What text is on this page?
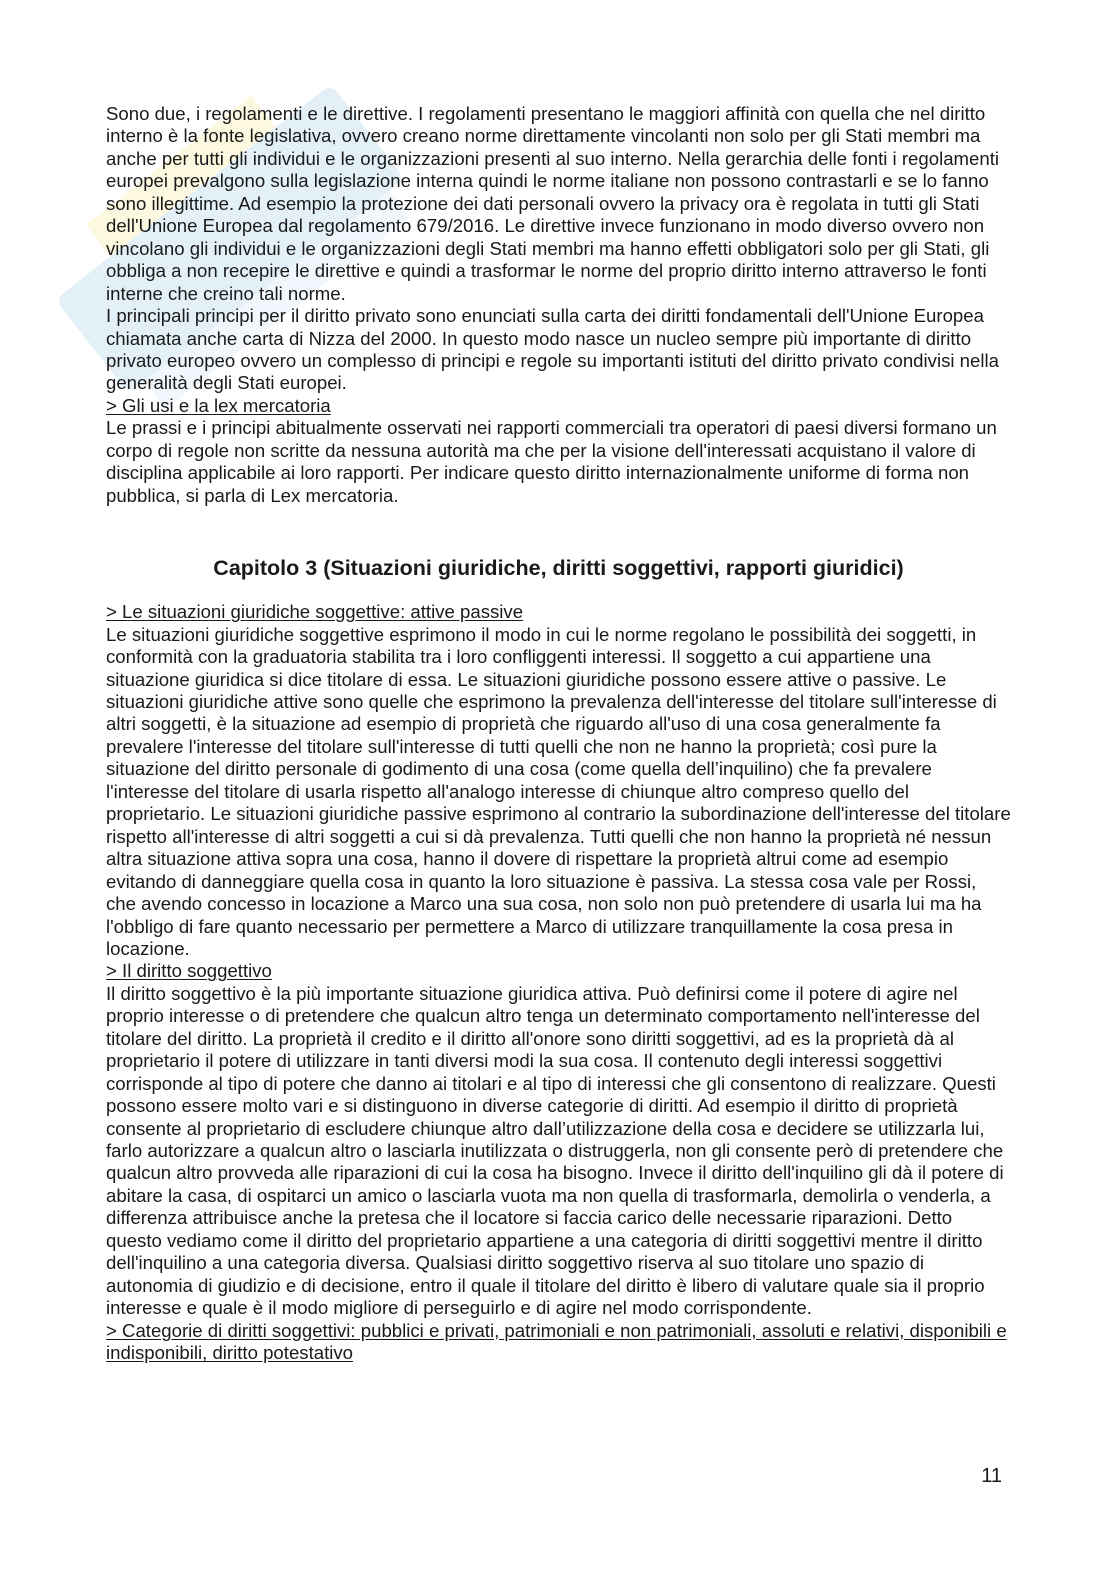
Sono due, i regolamenti e le direttive. I regolamenti presentano le maggiori affinità con quella che nel diritto interno è la fonte legislativa, ovvero creano norme direttamente vincolanti non solo per gli Stati membri ma anche per tutti gli individui e le organizzazioni presenti al suo interno. Nella gerarchia delle fonti i regolamenti europei prevalgono sulla legislazione interna quindi le norme italiane non possono contrastarli e se lo fanno sono illegittime. Ad esempio la protezione dei dati personali ovvero la privacy ora è regolata in tutti gli Stati dell'Unione Europea dal regolamento 679/2016. Le direttive invece funzionano in modo diverso ovvero non vincolano gli individui e le organizzazioni degli Stati membri ma hanno effetti obbligatori solo per gli Stati, gli obbliga a non recepire le direttive e quindi a trasformar le norme del proprio diritto interno attraverso le fonti interne che creino tali norme.

I principali principi per il diritto privato sono enunciati sulla carta dei diritti fondamentali dell'Unione Europea chiamata anche carta di Nizza del 2000. In questo modo nasce un nucleo sempre più importante di diritto privato europeo ovvero un complesso di principi e regole su importanti istituti del diritto privato condivisi nella generalità degli Stati europei.

> Gli usi e la lex mercatoria

Le prassi e i principi abitualmente osservati nei rapporti commerciali tra operatori di paesi diversi formano un corpo di regole non scritte da nessuna autorità ma che per la visione dell'interessati acquistano il valore di disciplina applicabile ai loro rapporti. Per indicare questo diritto internazionalmente uniforme di forma non pubblica, si parla di Lex mercatoria.

Capitolo 3 (Situazioni giuridiche, diritti soggettivi, rapporti giuridici)

> Le situazioni giuridiche soggettive: attive passive

Le situazioni giuridiche soggettive esprimono il modo in cui le norme regolano le possibilità dei soggetti, in conformità con la graduatoria stabilita tra i loro confliggenti interessi. Il soggetto a cui appartiene una situazione giuridica si dice titolare di essa. Le situazioni giuridiche possono essere attive o passive. Le situazioni giuridiche attive sono quelle che esprimono la prevalenza dell'interesse del titolare sull'interesse di altri soggetti, è la situazione ad esempio di proprietà che riguardo all'uso di una cosa generalmente fa prevalere l'interesse del titolare sull'interesse di tutti quelli che non ne hanno la proprietà; così pure la situazione del diritto personale di godimento di una cosa (come quella dell’inquilino) che fa prevalere l'interesse del titolare di usarla rispetto all'analogo interesse di chiunque altro compreso quello del proprietario. Le situazioni giuridiche passive esprimono al contrario la subordinazione dell'interesse del titolare rispetto all'interesse di altri soggetti a cui si dà prevalenza. Tutti quelli che non hanno la proprietà né nessun altra situazione attiva sopra una cosa, hanno il dovere di rispettare la proprietà altrui come ad esempio evitando di danneggiare quella cosa in quanto la loro situazione è passiva. La stessa cosa vale per Rossi, che avendo concesso in locazione a Marco una sua cosa, non solo non può pretendere di usarla lui ma ha l'obbligo di fare quanto necessario per permettere a Marco di utilizzare tranquillamente la cosa presa in locazione.

> Il diritto soggettivo

Il diritto soggettivo è la più importante situazione giuridica attiva. Può definirsi come il potere di agire nel proprio interesse o di pretendere che qualcun altro tenga un determinato comportamento nell'interesse del titolare del diritto. La proprietà il credito e il diritto all'onore sono diritti soggettivi, ad es la proprietà dà al proprietario il potere di utilizzare in tanti diversi modi la sua cosa. Il contenuto degli interessi soggettivi corrisponde al tipo di potere che danno ai titolari e al tipo di interessi che gli consentono di realizzare. Questi possono essere molto vari e si distinguono in diverse categorie di diritti. Ad esempio il diritto di proprietà consente al proprietario di escludere chiunque altro dall’utilizzazione della cosa e decidere se utilizzarla lui, farlo autorizzare a qualcun altro o lasciarla inutilizzata o distruggerla, non gli consente però di pretendere che qualcun altro provveda alle riparazioni di cui la cosa ha bisogno. Invece il diritto dell'inquilino gli dà il potere di abitare la casa, di ospitarci un amico o lasciarla vuota ma non quella di trasformarla, demolirla o venderla, a differenza attribuisce anche la pretesa che il locatore si faccia carico delle necessarie riparazioni. Detto questo vediamo come il diritto del proprietario appartiene a una categoria di diritti soggettivi mentre il diritto dell'inquilino a una categoria diversa. Qualsiasi diritto soggettivo riserva al suo titolare uno spazio di autonomia di giudizio e di decisione, entro il quale il titolare del diritto è libero di valutare quale sia il proprio interesse e quale è il modo migliore di perseguirlo e di agire nel modo corrispondente.

> Categorie di diritti soggettivi: pubblici e privati, patrimoniali e non patrimoniali, assoluti e relativi, disponibili e indisponibili, diritto potestativo

11
